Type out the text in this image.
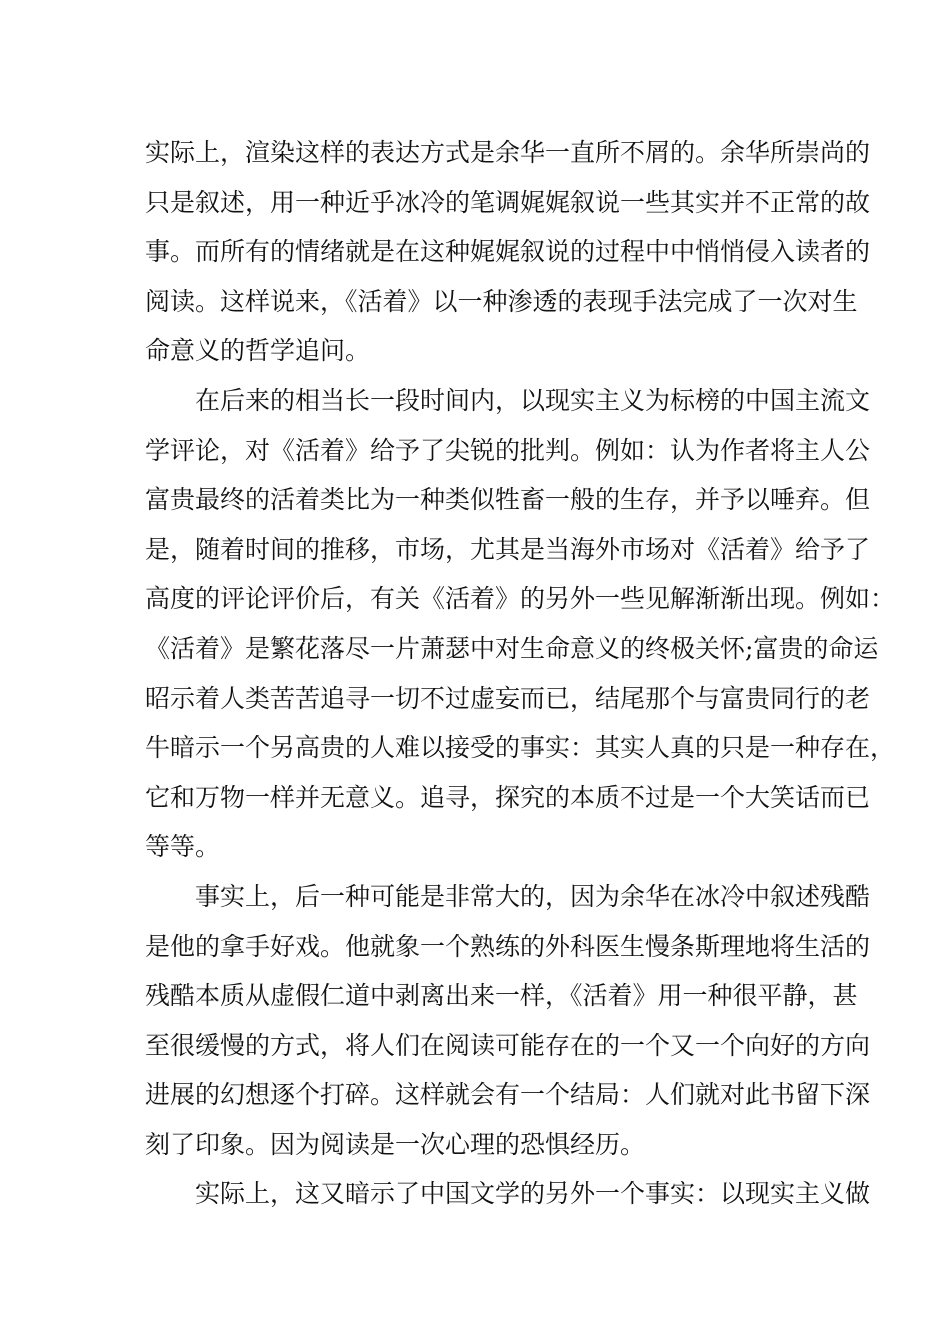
实际上，渲染这样的表达方式是余华一直所不屑的。余华所崇尚的
只是叙述，用一种近乎冰冷的笔调娓娓叙说一些其实并不正常的故
事。而所有的情绪就是在这种娓娓叙说的过程中中悄悄侵入读者的
阅读。这样说来，《活着》以一种渗透的表现手法完成了一次对生
命意义的哲学追问。
在后来的相当长一段时间内，以现实主义为标榜的中国主流文
学评论，对《活着》给予了尖锐的批判。例如：认为作者将主人公
富贵最终的活着类比为一种类似牲畜一般的生存，并予以唾弃。但
是，随着时间的推移，市场，尤其是当海外市场对《活着》给予了
高度的评论评价后，有关《活着》的另外一些见解渐渐出现。例如：
《活着》是繁花落尽一片萧瑟中对生命意义的终极关怀;富贵的命运
昭示着人类苦苦追寻一切不过虚妄而已，结尾那个与富贵同行的老
牛暗示一个另高贵的人难以接受的事实：其实人真的只是一种存在，
它和万物一样并无意义。追寻，探究的本质不过是一个大笑话而已
等等。
事实上，后一种可能是非常大的，因为余华在冰冷中叙述残酷
是他的拿手好戏。他就象一个熟练的外科医生慢条斯理地将生活的
残酷本质从虚假仁道中剥离出来一样，《活着》用一种很平静，甚
至很缓慢的方式，将人们在阅读可能存在的一个又一个向好的方向
进展的幻想逐个打碎。这样就会有一个结局：人们就对此书留下深
刻了印象。因为阅读是一次心理的恐惧经历。
实际上，这又暗示了中国文学的另外一个事实：以现实主义做
